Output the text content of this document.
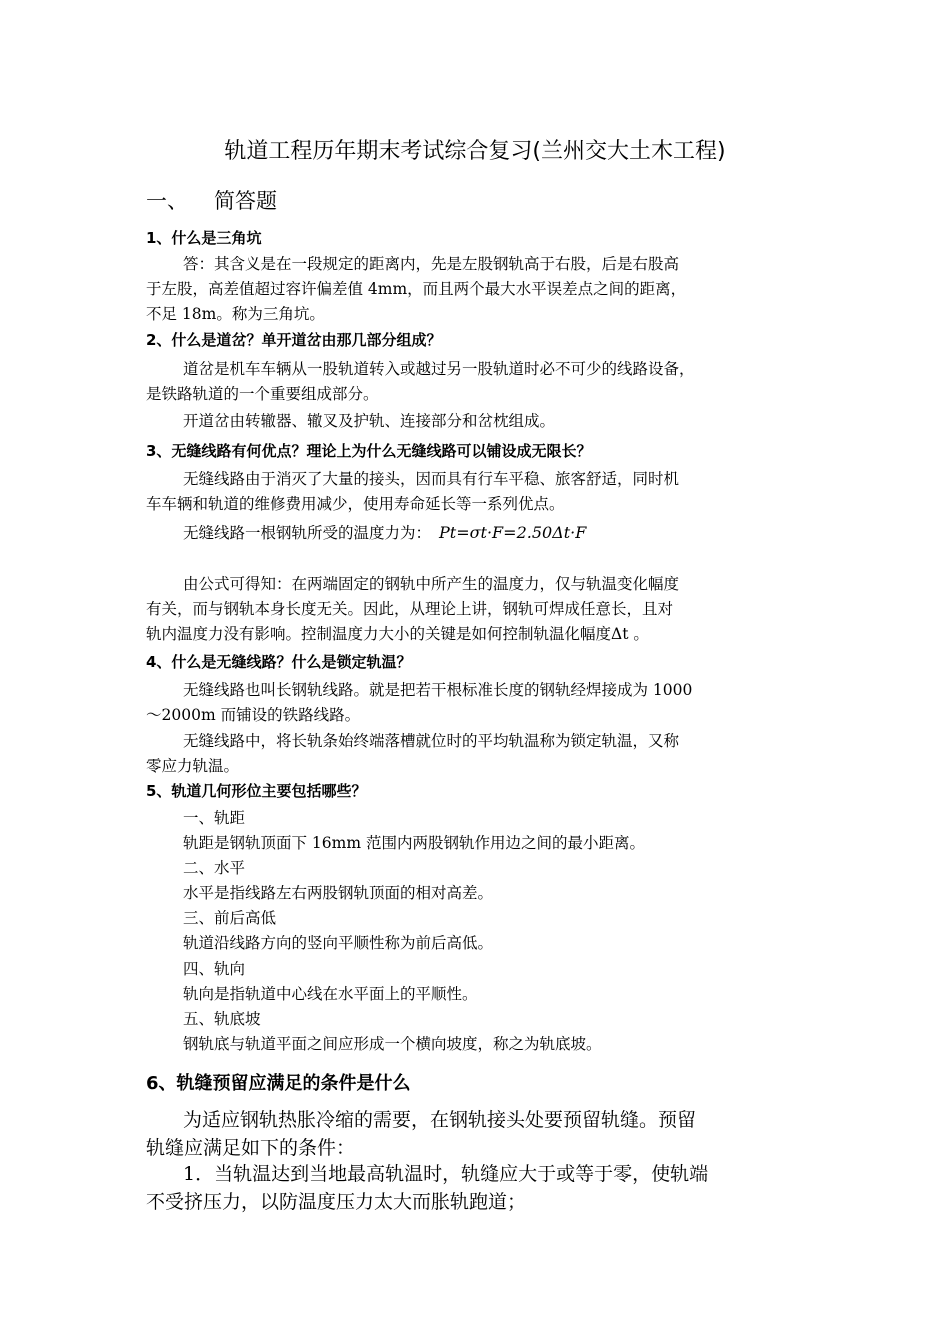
轨道工程历年期末考试综合复习(兰州交大土木工程)
一、 简答题
1、什么是三角坑
答：其含义是在一段规定的距离内，先是左股钢轨高于右股，后是右股高
于左股，高差值超过容许偏差值 4mm，而且两个最大水平误差点之间的距离，
不足 18m。称为三角坑。
2、什么是道岔？单开道岔由那几部分组成？
道岔是机车车辆从一股轨道转入或越过另一股轨道时必不可少的线路设备，
是铁路轨道的一个重要组成部分。
开道岔由转辙器、辙叉及护轨、连接部分和岔枕组成。
3、无缝线路有何优点？理论上为什么无缝线路可以铺设成无限长？
无缝线路由于消灭了大量的接头，因而具有行车平稳、旅客舒适，同时机
车车辆和轨道的维修费用减少，使用寿命延长等一系列优点。
无缝线路一根钢轨所受的温度力为： Pt=σt·F=2.50Δt·F
由公式可得知：在两端固定的钢轨中所产生的温度力，仅与轨温变化幅度
有关，而与钢轨本身长度无关。因此，从理论上讲，钢轨可焊成任意长，且对
轨内温度力没有影响。控制温度力大小的关键是如何控制轨温化幅度Δt 。
4、什么是无缝线路？什么是锁定轨温？
无缝线路也叫长钢轨线路。就是把若干根标准长度的钢轨经焊接成为 1000
～2000m 而铺设的铁路线路。
无缝线路中，将长轨条始终端落槽就位时的平均轨温称为锁定轨温，又称
零应力轨温。
5、轨道几何形位主要包括哪些？
一、轨距
轨距是钢轨顶面下 16mm 范围内两股钢轨作用边之间的最小距离。
二、水平
水平是指线路左右两股钢轨顶面的相对高差。
三、前后高低
轨道沿线路方向的竖向平顺性称为前后高低。
四、轨向
轨向是指轨道中心线在水平面上的平顺性。
五、轨底坡
钢轨底与轨道平面之间应形成一个横向坡度，称之为轨底坡。
6、轨缝预留应满足的条件是什么
为适应钢轨热胀冷缩的需要，在钢轨接头处要预留轨缝。预留
轨缝应满足如下的条件：
1．当轨温达到当地最高轨温时，轨缝应大于或等于零，使轨端
不受挤压力，以防温度压力太大而胀轨跑道；
